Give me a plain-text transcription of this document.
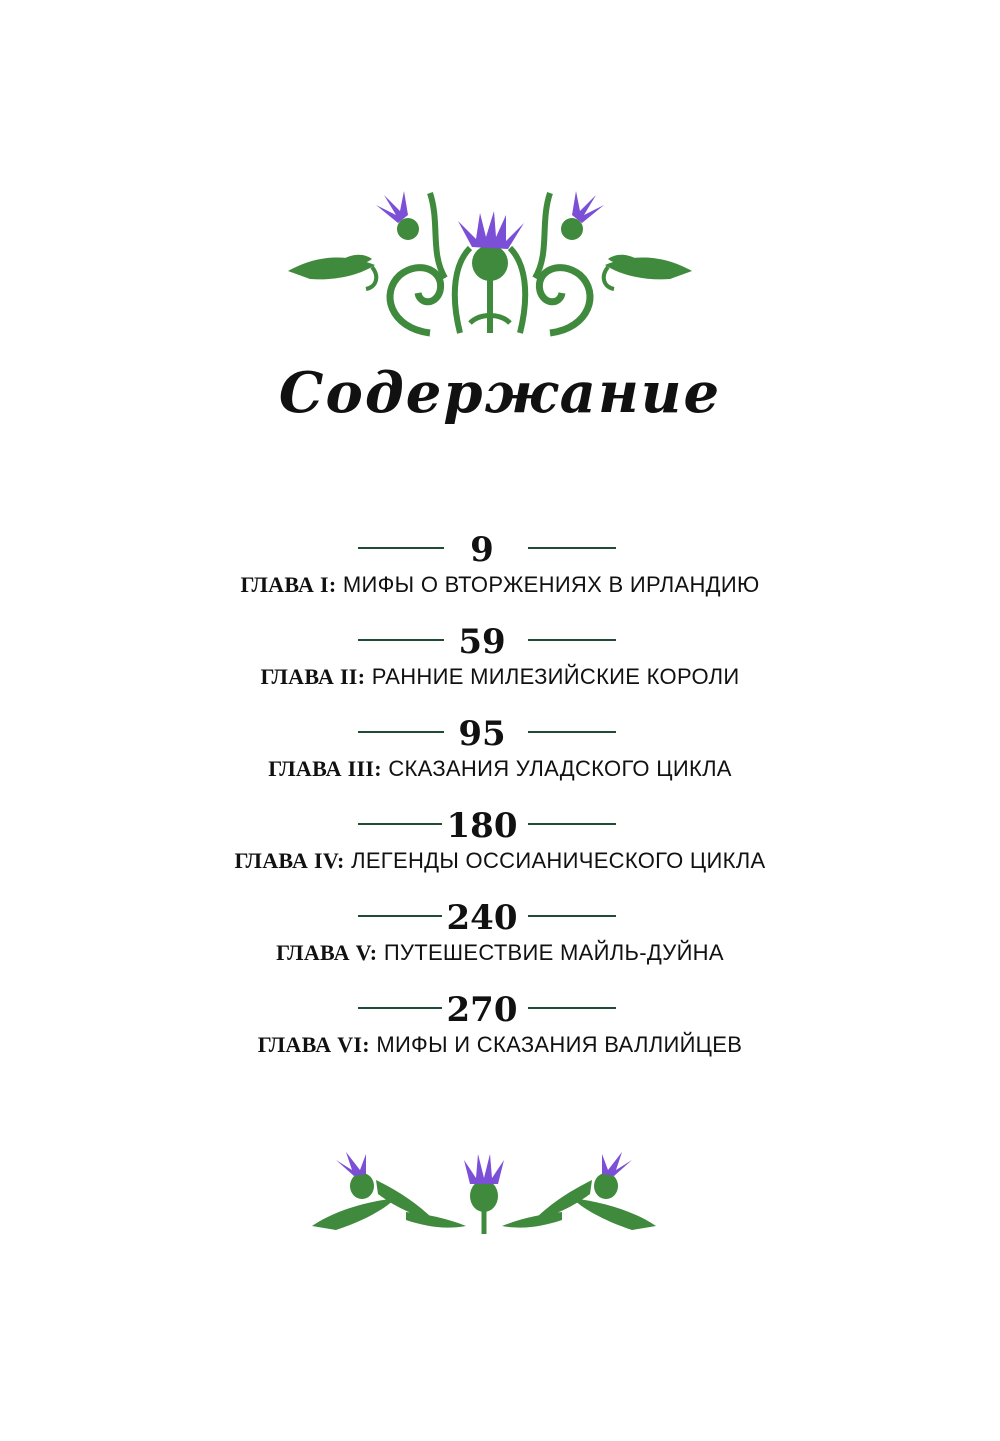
Содержание
9
ГЛАВА I: МИФЫ О ВТОРЖЕНИЯХ В ИРЛАНДИЮ
59
ГЛАВА II: РАННИЕ МИЛЕЗИЙСКИЕ КОРОЛИ
95
ГЛАВА III: СКАЗАНИЯ УЛАДСКОГО ЦИКЛА
180
ГЛАВА IV: ЛЕГЕНДЫ ОССИАНИЧЕСКОГО ЦИКЛА
240
ГЛАВА V: ПУТЕШЕСТВИЕ МАЙЛЬ-ДУЙНА
270
ГЛАВА VI: МИФЫ И СКАЗАНИЯ ВАЛЛИЙЦЕВ
